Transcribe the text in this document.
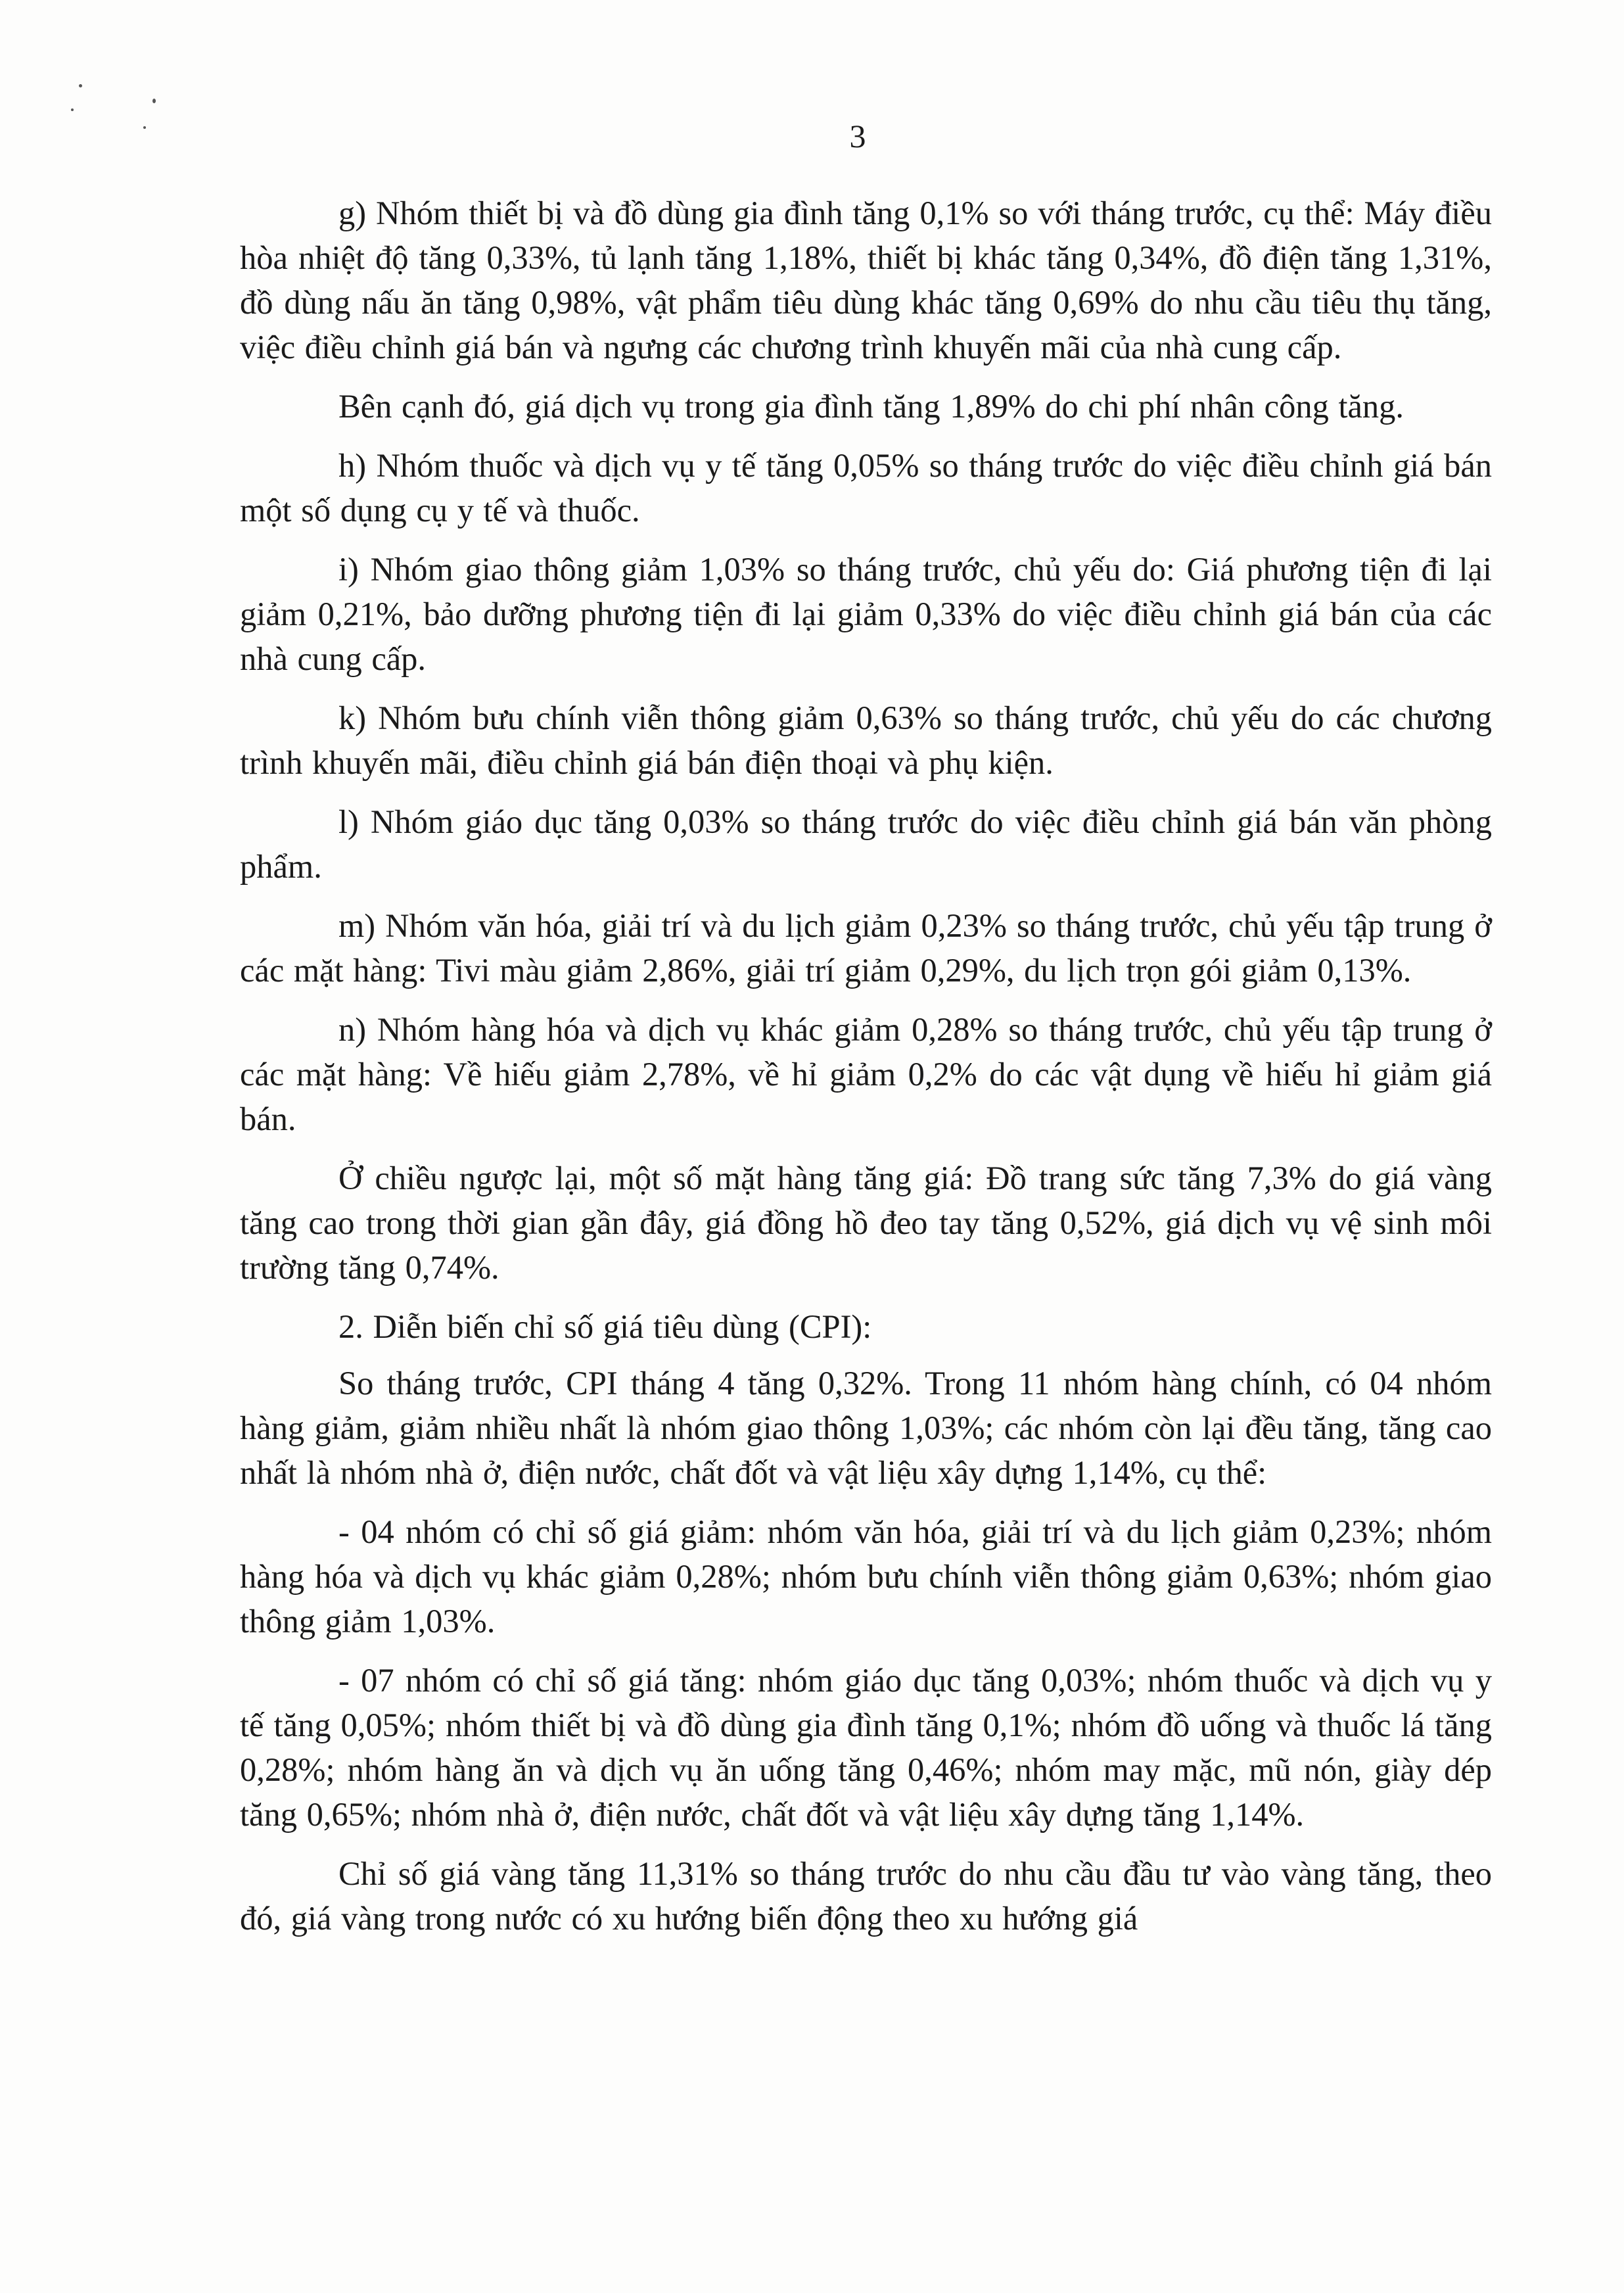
3

g) Nhóm thiết bị và đồ dùng gia đình tăng 0,1% so với tháng trước, cụ thể: Máy điều hòa nhiệt độ tăng 0,33%, tủ lạnh tăng 1,18%, thiết bị khác tăng 0,34%, đồ điện tăng 1,31%, đồ dùng nấu ăn tăng 0,98%, vật phẩm tiêu dùng khác tăng 0,69% do nhu cầu tiêu thụ tăng, việc điều chỉnh giá bán và ngưng các chương trình khuyến mãi của nhà cung cấp.

Bên cạnh đó, giá dịch vụ trong gia đình tăng 1,89% do chi phí nhân công tăng.

h) Nhóm thuốc và dịch vụ y tế tăng 0,05% so tháng trước do việc điều chỉnh giá bán một số dụng cụ y tế và thuốc.

i) Nhóm giao thông giảm 1,03% so tháng trước, chủ yếu do: Giá phương tiện đi lại giảm 0,21%, bảo dưỡng phương tiện đi lại giảm 0,33% do việc điều chỉnh giá bán của các nhà cung cấp.

k) Nhóm bưu chính viễn thông giảm 0,63% so tháng trước, chủ yếu do các chương trình khuyến mãi, điều chỉnh giá bán điện thoại và phụ kiện.

l) Nhóm giáo dục tăng 0,03% so tháng trước do việc điều chỉnh giá bán văn phòng phẩm.

m) Nhóm văn hóa, giải trí và du lịch giảm 0,23% so tháng trước, chủ yếu tập trung ở các mặt hàng: Tivi màu giảm 2,86%, giải trí giảm 0,29%, du lịch trọn gói giảm 0,13%.

n) Nhóm hàng hóa và dịch vụ khác giảm 0,28% so tháng trước, chủ yếu tập trung ở các mặt hàng: Về hiếu giảm 2,78%, về hỉ giảm 0,2% do các vật dụng về hiếu hỉ giảm giá bán.

Ở chiều ngược lại, một số mặt hàng tăng giá: Đồ trang sức tăng 7,3% do giá vàng tăng cao trong thời gian gần đây, giá đồng hồ đeo tay tăng 0,52%, giá dịch vụ vệ sinh môi trường tăng 0,74%.

2. Diễn biến chỉ số giá tiêu dùng (CPI):

So tháng trước, CPI tháng 4 tăng 0,32%. Trong 11 nhóm hàng chính, có 04 nhóm hàng giảm, giảm nhiều nhất là nhóm giao thông 1,03%; các nhóm còn lại đều tăng, tăng cao nhất là nhóm nhà ở, điện nước, chất đốt và vật liệu xây dựng 1,14%, cụ thể:

- 04 nhóm có chỉ số giá giảm: nhóm văn hóa, giải trí và du lịch giảm 0,23%; nhóm hàng hóa và dịch vụ khác giảm 0,28%; nhóm bưu chính viễn thông giảm 0,63%; nhóm giao thông giảm 1,03%.

- 07 nhóm có chỉ số giá tăng: nhóm giáo dục tăng 0,03%; nhóm thuốc và dịch vụ y tế tăng 0,05%; nhóm thiết bị và đồ dùng gia đình tăng 0,1%; nhóm đồ uống và thuốc lá tăng 0,28%; nhóm hàng ăn và dịch vụ ăn uống tăng 0,46%; nhóm may mặc, mũ nón, giày dép tăng 0,65%; nhóm nhà ở, điện nước, chất đốt và vật liệu xây dựng tăng 1,14%.

Chỉ số giá vàng tăng 11,31% so tháng trước do nhu cầu đầu tư vào vàng tăng, theo đó, giá vàng trong nước có xu hướng biến động theo xu hướng giá
